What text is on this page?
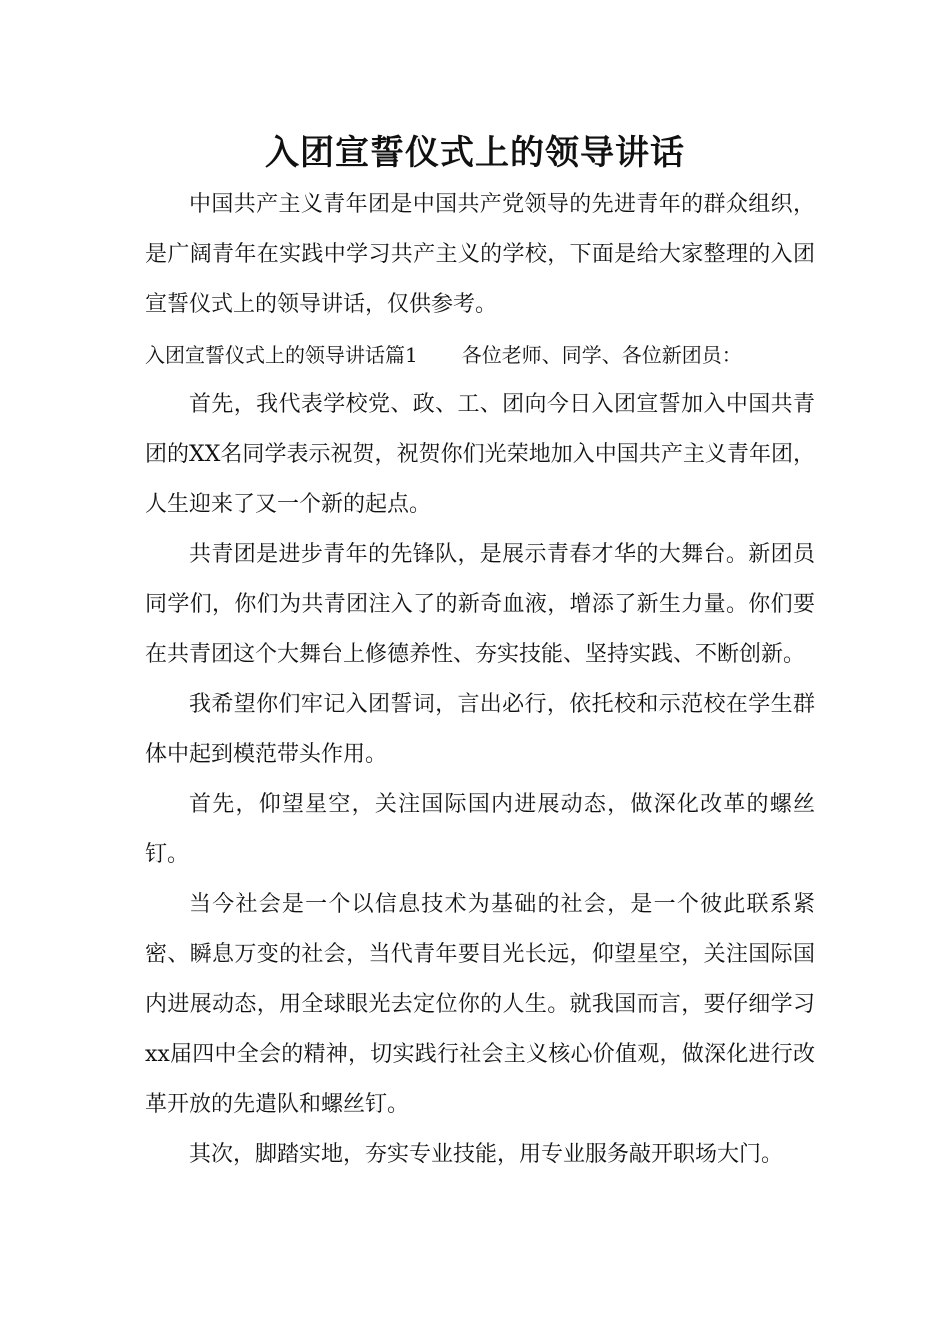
入团宣誓仪式上的领导讲话

中国共产主义青年团是中国共产党领导的先进青年的群众组织，是广阔青年在实践中学习共产主义的学校，下面是给大家整理的入团宣誓仪式上的领导讲话，仅供参考。

入团宣誓仪式上的领导讲话篇1 各位老师、同学、各位新团员：

首先，我代表学校党、政、工、团向今日入团宣誓加入中国共青团的XX名同学表示祝贺，祝贺你们光荣地加入中国共产主义青年团，人生迎来了又一个新的起点。

共青团是进步青年的先锋队，是展示青春才华的大舞台。新团员同学们，你们为共青团注入了的新奇血液，增添了新生力量。你们要在共青团这个大舞台上修德养性、夯实技能、坚持实践、不断创新。

我希望你们牢记入团誓词，言出必行，依托校和示范校在学生群体中起到模范带头作用。

首先，仰望星空，关注国际国内进展动态，做深化改革的螺丝钉。

当今社会是一个以信息技术为基础的社会，是一个彼此联系紧密、瞬息万变的社会，当代青年要目光长远，仰望星空，关注国际国内进展动态，用全球眼光去定位你的人生。就我国而言，要仔细学习xx届四中全会的精神，切实践行社会主义核心价值观，做深化进行改革开放的先遣队和螺丝钉。

其次，脚踏实地，夯实专业技能，用专业服务敲开职场大门。
